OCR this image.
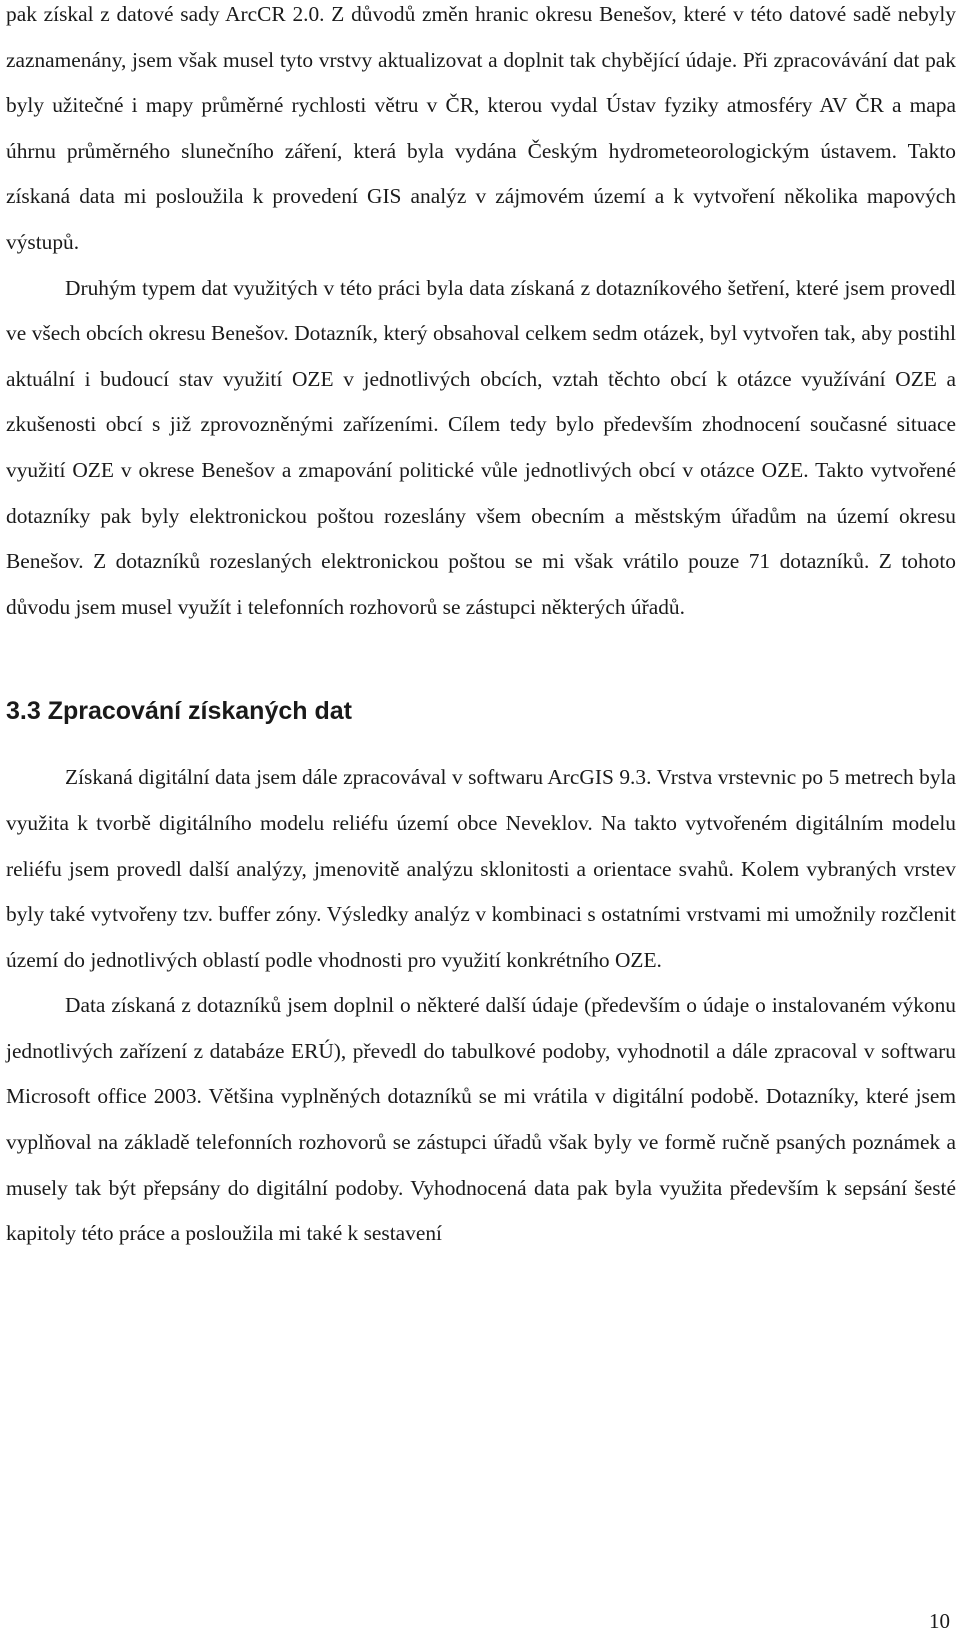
pak získal z datové sady ArcCR 2.0. Z důvodů změn hranic okresu Benešov, které v této datové sadě nebyly zaznamenány, jsem však musel tyto vrstvy aktualizovat a doplnit tak chybějící údaje. Při zpracovávání dat pak byly užitečné i mapy průměrné rychlosti větru v ČR, kterou vydal Ústav fyziky atmosféry AV ČR a mapa úhrnu průměrného slunečního záření, která byla vydána Českým hydrometeorologickým ústavem. Takto získaná data mi posloužila k provedení GIS analýz v zájmovém území a k vytvoření několika mapových výstupů.

Druhým typem dat využitých v této práci byla data získaná z dotazníkového šetření, které jsem provedl ve všech obcích okresu Benešov. Dotazník, který obsahoval celkem sedm otázek, byl vytvořen tak, aby postihl aktuální i budoucí stav využití OZE v jednotlivých obcích, vztah těchto obcí k otázce využívání OZE a zkušenosti obcí s již zprovozněnými zařízeními. Cílem tedy bylo především zhodnocení současné situace využití OZE v okrese Benešov a zmapování politické vůle jednotlivých obcí v otázce OZE. Takto vytvořené dotazníky pak byly elektronickou poštou rozeslány všem obecním a městským úřadům na území okresu Benešov. Z dotazníků rozeslaných elektronickou poštou se mi však vrátilo pouze 71 dotazníků. Z tohoto důvodu jsem musel využít i telefonních rozhovorů se zástupci některých úřadů.

3.3 Zpracování získaných dat

Získaná digitální data jsem dále zpracovával v softwaru ArcGIS 9.3. Vrstva vrstevnic po 5 metrech byla využita k tvorbě digitálního modelu reliéfu území obce Neveklov. Na takto vytvořeném digitálním modelu reliéfu jsem provedl další analýzy, jmenovitě analýzu sklonitosti a orientace svahů. Kolem vybraných vrstev byly také vytvořeny tzv. buffer zóny. Výsledky analýz v kombinaci s ostatními vrstvami mi umožnily rozčlenit území do jednotlivých oblastí podle vhodnosti pro využití konkrétního OZE.

Data získaná z dotazníků jsem doplnil o některé další údaje (především o údaje o instalovaném výkonu jednotlivých zařízení z databáze ERÚ), převedl do tabulkové podoby, vyhodnotil a dále zpracoval v softwaru Microsoft office 2003. Většina vyplněných dotazníků se mi vrátila v digitální podobě. Dotazníky, které jsem vyplňoval na základě telefonních rozhovorů se zástupci úřadů však byly ve formě ručně psaných poznámek a musely tak být přepsány do digitální podoby. Vyhodnocená data pak byla využita především k sepsání šesté kapitoly této práce a posloužila mi také k sestavení

10
